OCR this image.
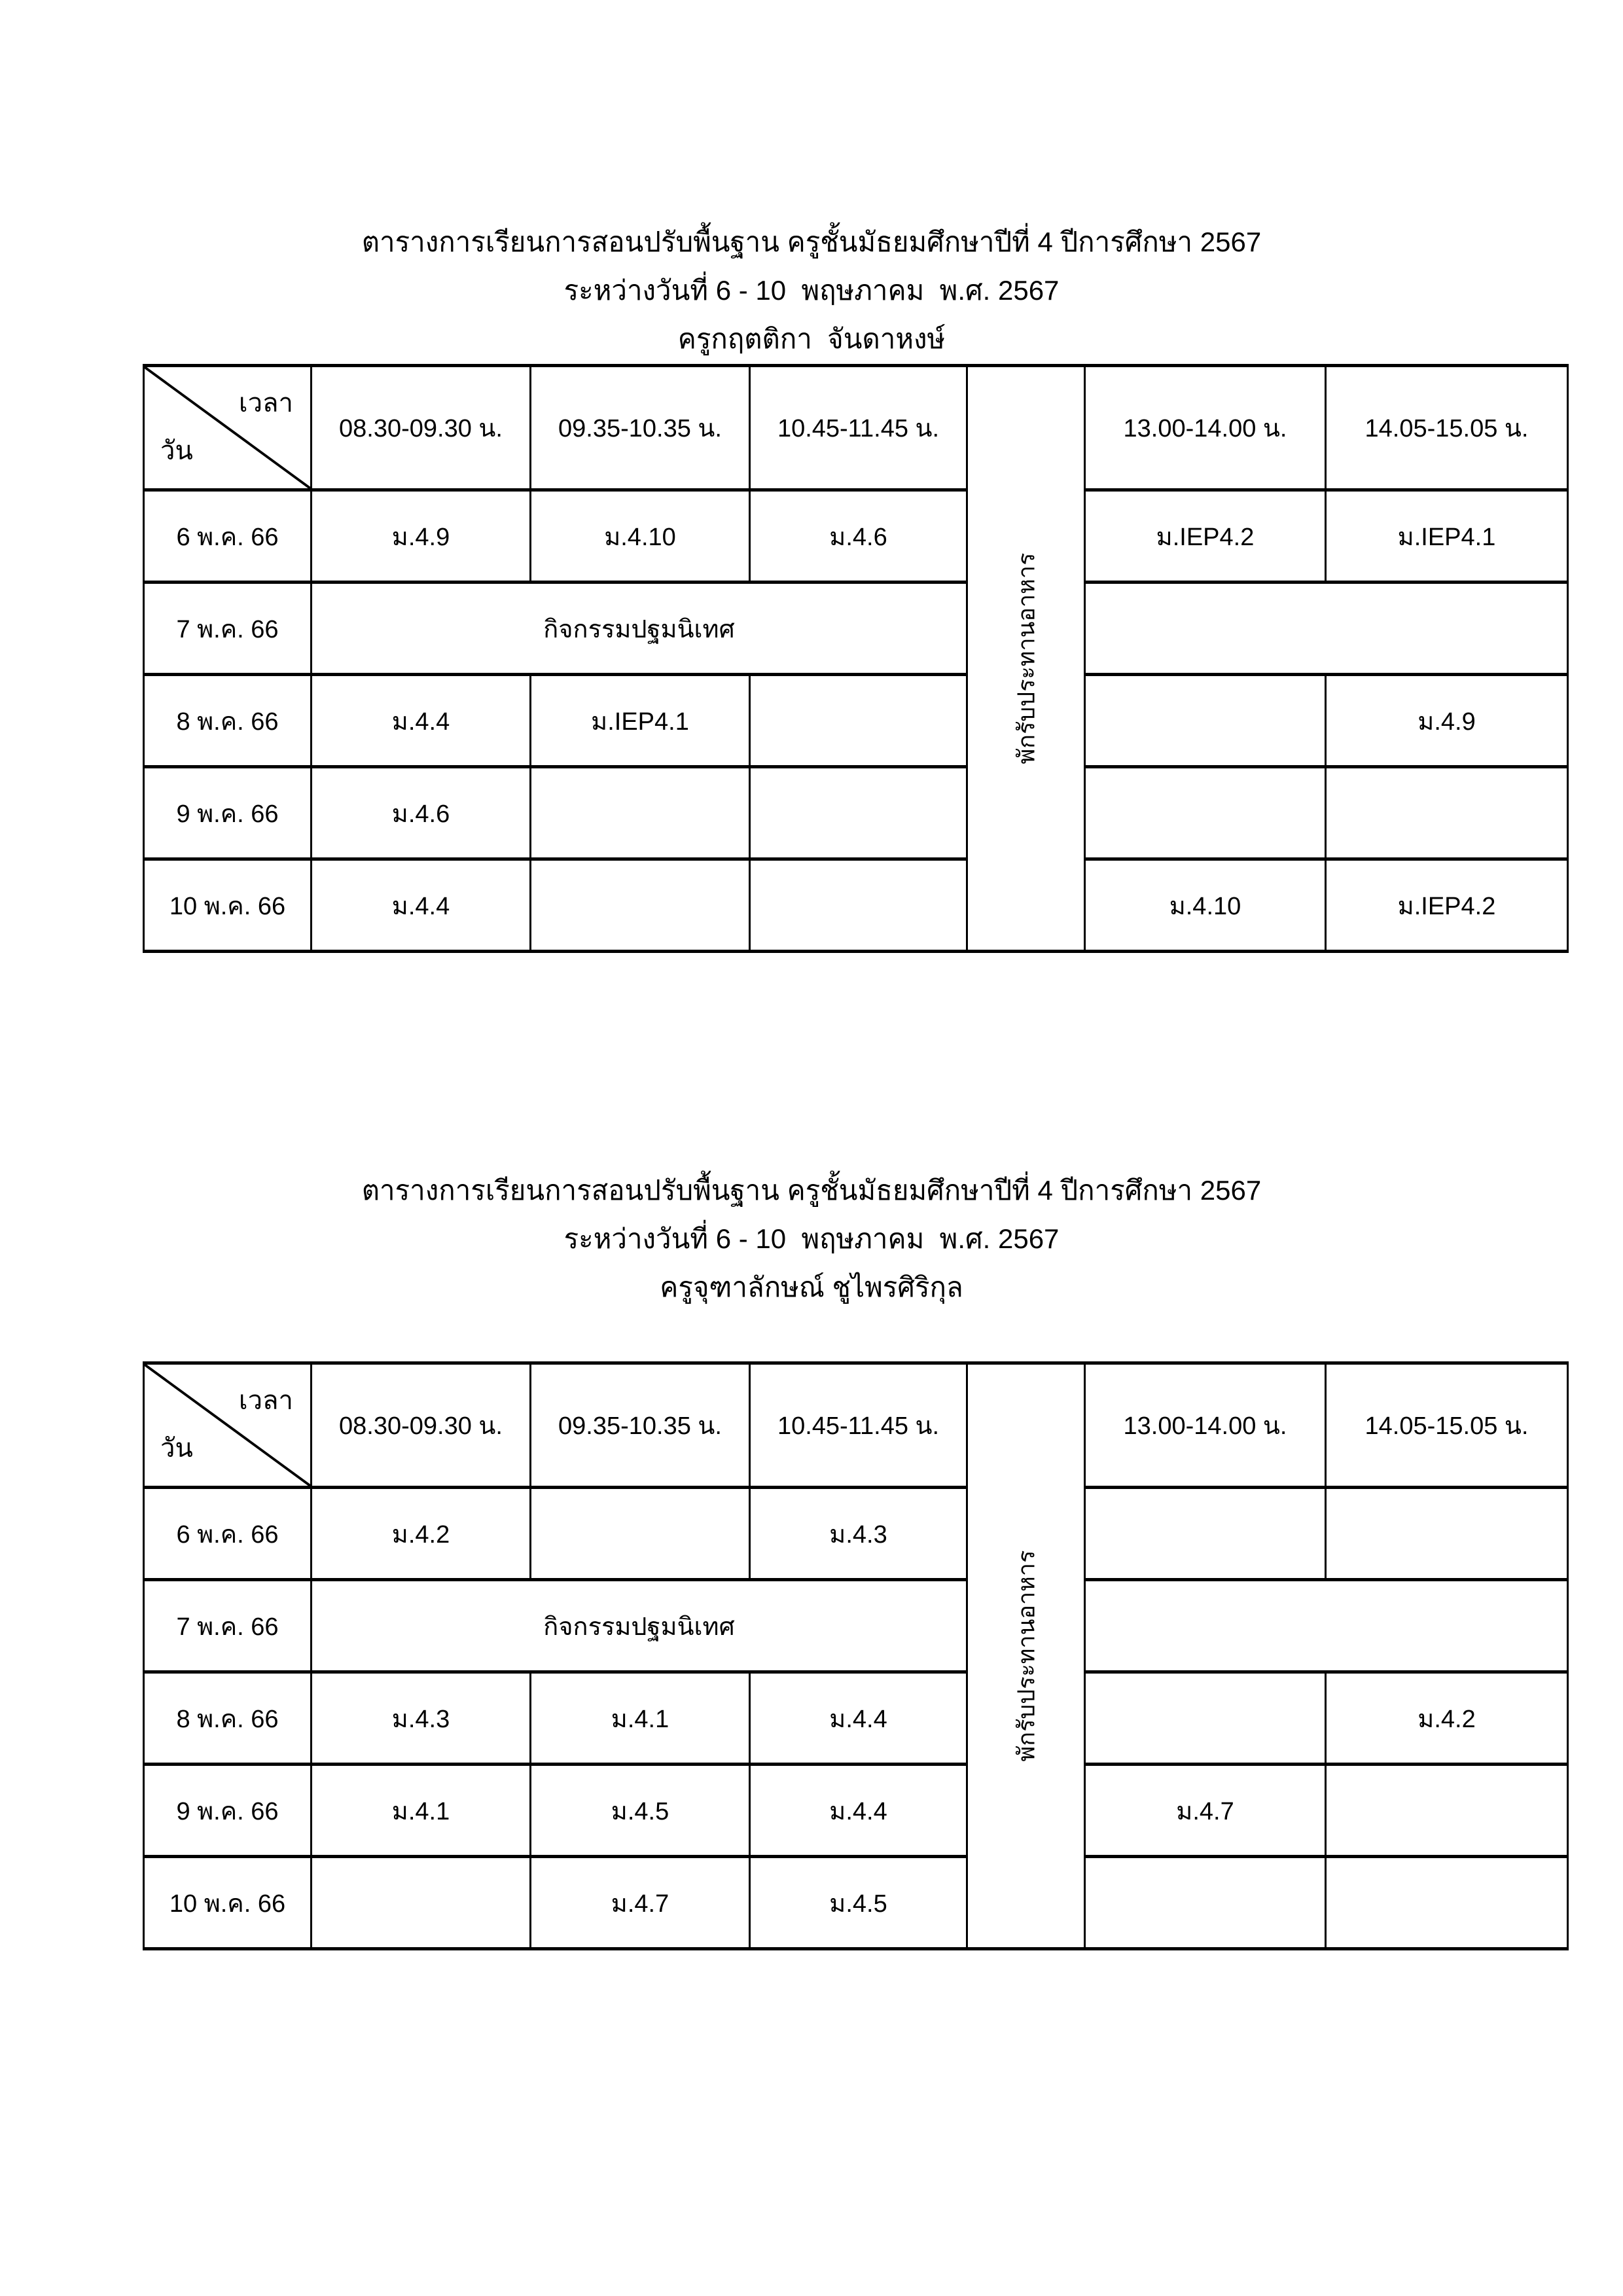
ตารางการเรียนการสอนปรับพื้นฐาน ครูชั้นมัธยมศึกษาปีที่ 4 ปีการศึกษา 2567
ระหว่างวันที่ 6 - 10  พฤษภาคม  พ.ศ. 2567
ครูกฤตติกา  จันดาหงษ์
เวลา
วัน	08.30-09.30 น.	09.35-10.35 น.	10.45-11.45 น.	พักรับประทานอาหาร	13.00-14.00 น.	14.05-15.05 น.
6 พ.ค. 66	ม.4.9	ม.4.10	ม.4.6		ม.IEP4.2	ม.IEP4.1
7 พ.ค. 66	กิจกรรมปฐมนิเทศ					
8 พ.ค. 66	ม.4.4	ม.IEP4.1				ม.4.9
9 พ.ค. 66	ม.4.6					
10 พ.ค. 66	ม.4.4				ม.4.10	ม.IEP4.2
ตารางการเรียนการสอนปรับพื้นฐาน ครูชั้นมัธยมศึกษาปีที่ 4 ปีการศึกษา 2567
ระหว่างวันที่ 6 - 10  พฤษภาคม  พ.ศ. 2567
ครูจุฑาลักษณ์ ชูไพรศิริกุล
เวลา
วัน	08.30-09.30 น.	09.35-10.35 น.	10.45-11.45 น.	พักรับประทานอาหาร	13.00-14.00 น.	14.05-15.05 น.
6 พ.ค. 66	ม.4.2		ม.4.3			
7 พ.ค. 66	กิจกรรมปฐมนิเทศ					
8 พ.ค. 66	ม.4.3	ม.4.1	ม.4.4			ม.4.2
9 พ.ค. 66	ม.4.1	ม.4.5	ม.4.4		ม.4.7	
10 พ.ค. 66		ม.4.7	ม.4.5			
